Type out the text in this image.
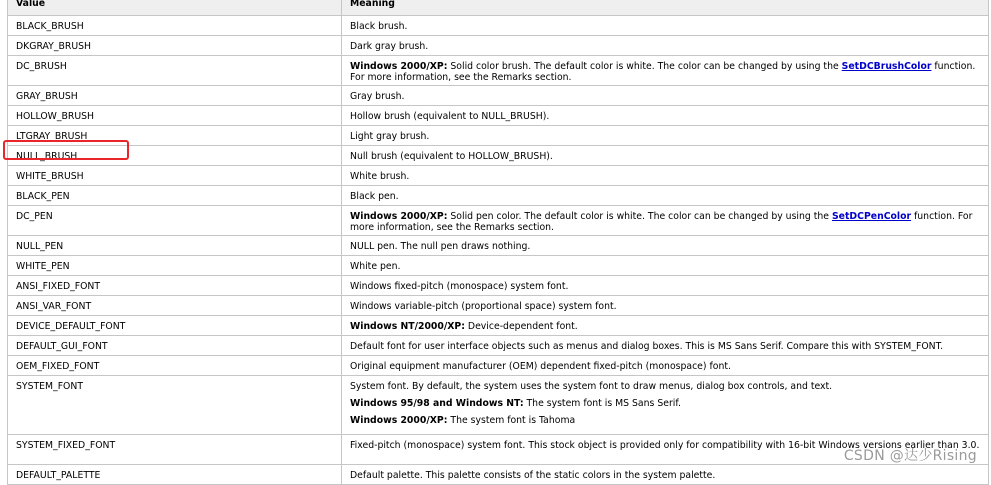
Value	Meaning
BLACK_BRUSH	Black brush.

DKGRAY_BRUSH	Dark gray brush.

DC_BRUSH	Windows 2000/XP: Solid color brush. The default color is white. The color can be changed by using the SetDCBrushColor function. For more information, see the Remarks section.

GRAY_BRUSH	Gray brush.

HOLLOW_BRUSH	Hollow brush (equivalent to NULL_BRUSH).

LTGRAY_BRUSH	Light gray brush.

NULL_BRUSH	Null brush (equivalent to HOLLOW_BRUSH).

WHITE_BRUSH	White brush.

BLACK_PEN	Black pen.

DC_PEN	Windows 2000/XP: Solid pen color. The default color is white. The color can be changed by using the SetDCPenColor function. For more information, see the Remarks section.

NULL_PEN	NULL pen. The null pen draws nothing.

WHITE_PEN	White pen.

ANSI_FIXED_FONT	Windows fixed-pitch (monospace) system font.

ANSI_VAR_FONT	Windows variable-pitch (proportional space) system font.

DEVICE_DEFAULT_FONT	Windows NT/2000/XP: Device-dependent font.

DEFAULT_GUI_FONT	Default font for user interface objects such as menus and dialog boxes. This is MS Sans Serif. Compare this with SYSTEM_FONT.

OEM_FIXED_FONT	Original equipment manufacturer (OEM) dependent fixed-pitch (monospace) font.

SYSTEM_FONT	System font. By default, the system uses the system font to draw menus, dialog box controls, and text.
Windows 95/98 and Windows NT: The system font is MS Sans Serif.
Windows 2000/XP: The system font is Tahoma

SYSTEM_FIXED_FONT	Fixed-pitch (monospace) system font. This stock object is provided only for compatibility with 16-bit Windows versions earlier than 3.0.

DEFAULT_PALETTE	Default palette. This palette consists of the static colors in the system palette.
CSDN @达少Rising
